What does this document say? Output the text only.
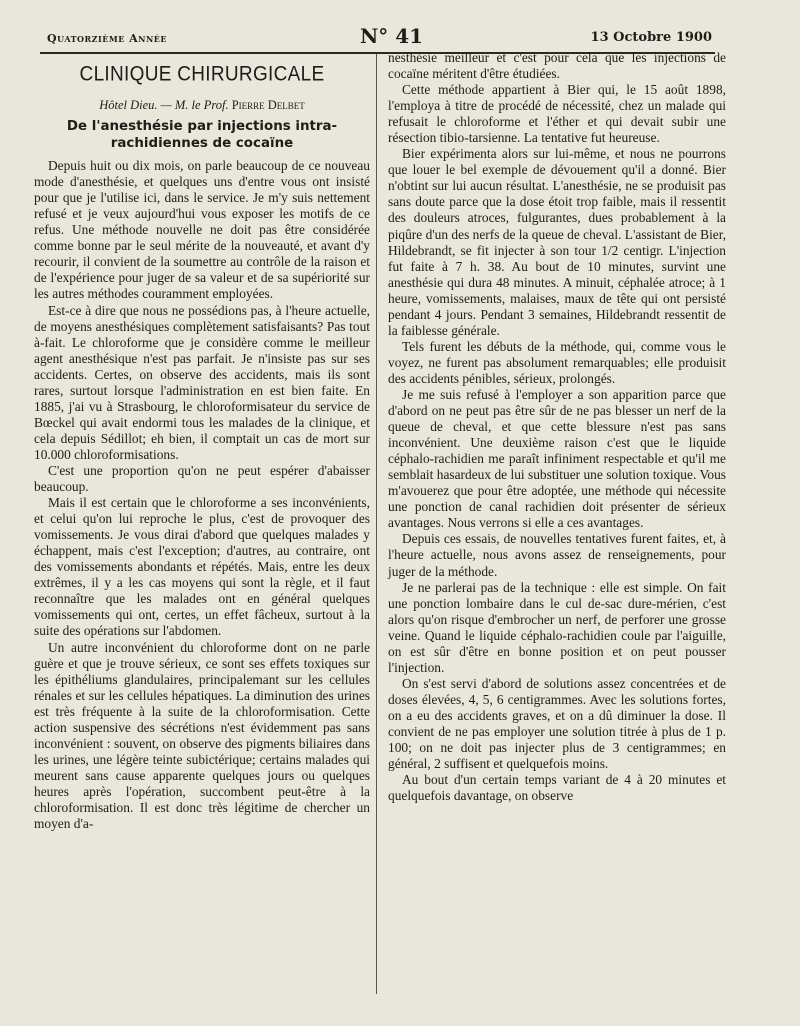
Quatorzième Année	N° 41	13 Octobre 1900
CLINIQUE CHIRURGICALE
Hôtel Dieu. — M. le Prof. Pierre Delbet
De l'anesthésie par injections intra-rachidiennes de cocaïne

Depuis huit ou dix mois, on parle beaucoup de ce nouveau mode d'anesthésie, et quelques uns d'entre vous ont insisté pour que je l'utilise ici, dans le service. Je m'y suis nettement refusé et je veux aujourd'hui vous exposer les motifs de ce refus. Une méthode nouvelle ne doit pas être considérée comme bonne par le seul mérite de la nouveauté, et avant d'y recourir, il convient de la soumettre au contrôle de la raison et de l'expérience pour juger de sa valeur et de sa supériorité sur les autres méthodes couramment employées.

Est-ce à dire que nous ne possédions pas, à l'heure actuelle, de moyens anesthésiques complètement satisfaisants? Pas tout à-fait. Le chloroforme que je considère comme le meilleur agent anesthésique n'est pas parfait. Je n'insiste pas sur ses accidents. Certes, on observe des accidents, mais ils sont rares, surtout lorsque l'administration en est bien faite. En 1885, j'ai vu à Strasbourg, le chloroformisateur du service de Bœckel qui avait endormi tous les malades de la clinique, et cela depuis Sédillot; eh bien, il comptait un cas de mort sur 10.000 chloroformisations.

C'est une proportion qu'on ne peut espérer d'abaisser beaucoup.

Mais il est certain que le chloroforme a ses inconvénients, et celui qu'on lui reproche le plus, c'est de provoquer des vomissements. Je vous dirai d'abord que quelques malades y échappent, mais c'est l'exception; d'autres, au contraire, ont des vomissements abondants et répétés. Mais, entre les deux extrêmes, il y a les cas moyens qui sont la règle, et il faut reconnaître que les malades ont en général quelques vomissements qui ont, certes, un effet fâcheux, surtout à la suite des opérations sur l'abdomen.

Un autre inconvénient du chloroforme dont on ne parle guère et que je trouve sérieux, ce sont ses effets toxiques sur les épithéliums glandulaires, principalemant sur les cellules rénales et sur les cellules hépatiques. La diminution des urines est très fréquente à la suite de la chloroformisation. Cette action suspensive des sécrétions n'est évidemment pas sans inconvénient : souvent, on observe des pigments biliaires dans les urines, une légère teinte subictérique; certains malades qui meurent sans cause apparente quelques jours ou quelques heures après l'opération, succombent peut-être à la chloroformisation. Il est donc très légitime de chercher un moyen d'a-

nesthésie meilleur et c'est pour cela que les injections de cocaïne méritent d'être étudiées.

Cette méthode appartient à Bier qui, le 15 août 1898, l'employa à titre de procédé de nécessité, chez un malade qui refusait le chloroforme et l'éther et qui devait subir une résection tibio-tarsienne. La tentative fut heureuse.

Bier expérimenta alors sur lui-même, et nous ne pourrons que louer le bel exemple de dévouement qu'il a donné. Bier n'obtint sur lui aucun résultat. L'anesthésie, ne se produisit pas sans doute parce que la dose étoit trop faible, mais il ressentit des douleurs atroces, fulgurantes, dues probablement à la piqûre d'un des nerfs de la queue de cheval. L'assistant de Bier, Hildebrandt, se fit injecter à son tour 1/2 centigr. L'injection fut faite à 7 h. 38. Au bout de 10 minutes, survint une anesthésie qui dura 48 minutes. A minuit, céphalée atroce; à 1 heure, vomissements, malaises, maux de tête qui ont persisté pendant 4 jours. Pendant 3 semaines, Hildebrandt ressentit de la faiblesse générale.

Tels furent les débuts de la méthode, qui, comme vous le voyez, ne furent pas absolument remarquables; elle produisit des accidents pénibles, sérieux, prolongés.

Je me suis refusé à l'employer a son apparition parce que d'abord on ne peut pas être sûr de ne pas blesser un nerf de la queue de cheval, et que cette blessure n'est pas sans inconvénient. Une deuxième raison c'est que le liquide céphalo-rachidien me paraît infiniment respectable et qu'il me semblait hasardeux de lui substituer une solution toxique. Vous m'avouerez que pour être adoptée, une méthode qui nécessite une ponction de canal rachidien doit présenter de sérieux avantages. Nous verrons si elle a ces avantages.

Depuis ces essais, de nouvelles tentatives furent faites, et, à l'heure actuelle, nous avons assez de renseignements, pour juger de la méthode.

Je ne parlerai pas de la technique : elle est simple. On fait une ponction lombaire dans le cul de-sac dure-mérien, c'est alors qu'on risque d'embrocher un nerf, de perforer une grosse veine. Quand le liquide céphalo-rachidien coule par l'aiguille, on est sûr d'être en bonne position et on peut pousser l'injection.

On s'est servi d'abord de solutions assez concentrées et de doses élevées, 4, 5, 6 centigrammes. Avec les solutions fortes, on a eu des accidents graves, et on a dû diminuer la dose. Il convient de ne pas employer une solution titrée à plus de 1 p. 100; on ne doit pas injecter plus de 3 centigrammes; en général, 2 suffisent et quelquefois moins.

Au bout d'un certain temps variant de 4 à 20 minutes et quelquefois davantage, on observe
